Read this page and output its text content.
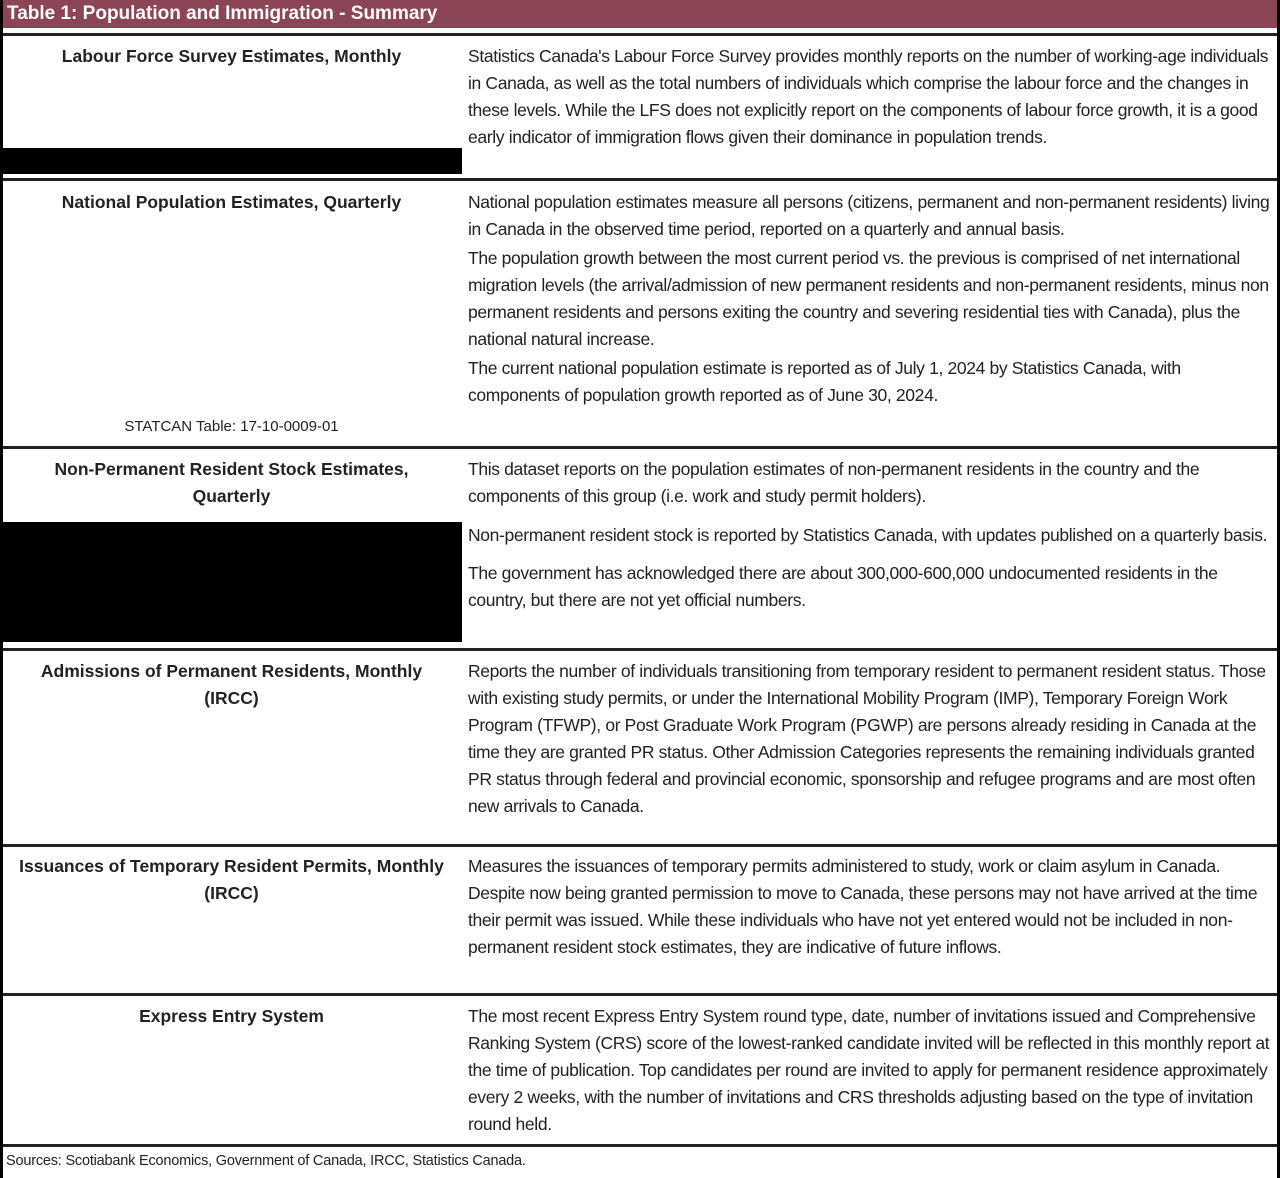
Table 1: Population and Immigration - Summary
Labour Force Survey Estimates, Monthly	Statistics Canada's Labour Force Survey provides monthly reports on the number of working-age individuals in Canada, as well as the total numbers of individuals which comprise the labour force and the changes in these levels. While the LFS does not explicitly report on the components of labour force growth, it is a good early indicator of immigration flows given their dominance in population trends.

National Population Estimates, Quarterly
STATCAN Table: 17-10-0009-01

National population estimates measure all persons (citizens, permanent and non-permanent residents) living in Canada in the observed time period, reported on a quarterly and annual basis.

The population growth between the most current period vs. the previous is comprised of net international migration levels (the arrival/admission of new permanent residents and non-permanent residents, minus non permanent residents and persons exiting the country and severing residential ties with Canada), plus the national natural increase.

The current national population estimate is reported as of July 1, 2024 by Statistics Canada, with components of population growth reported as of June 30, 2024.

Non-Permanent Resident Stock Estimates, Quarterly

This dataset reports on the population estimates of non-permanent residents in the country and the components of this group (i.e. work and study permit holders).

Non-permanent resident stock is reported by Statistics Canada, with updates published on a quarterly basis.

The government has acknowledged there are about 300,000-600,000 undocumented residents in the country, but there are not yet official numbers.

Admissions of Permanent Residents, Monthly (IRCC)

Reports the number of individuals transitioning from temporary resident to permanent resident status. Those with existing study permits, or under the International Mobility Program (IMP), Temporary Foreign Work Program (TFWP), or Post Graduate Work Program (PGWP) are persons already residing in Canada at the time they are granted PR status. Other Admission Categories represents the remaining individuals granted PR status through federal and provincial economic, sponsorship and refugee programs and are most often new arrivals to Canada.

Issuances of Temporary Resident Permits, Monthly (IRCC)

Measures the issuances of temporary permits administered to study, work or claim asylum in Canada. Despite now being granted permission to move to Canada, these persons may not have arrived at the time their permit was issued. While these individuals who have not yet entered would not be included in non-permanent resident stock estimates, they are indicative of future inflows.

Express Entry System	The most recent Express Entry System round type, date, number of invitations issued and Comprehensive Ranking System (CRS) score of the lowest-ranked candidate invited will be reflected in this monthly report at the time of publication. Top candidates per round are invited to apply for permanent residence approximately every 2 weeks, with the number of invitations and CRS thresholds adjusting based on the type of invitation round held.

Sources: Scotiabank Economics, Government of Canada, IRCC, Statistics Canada.
